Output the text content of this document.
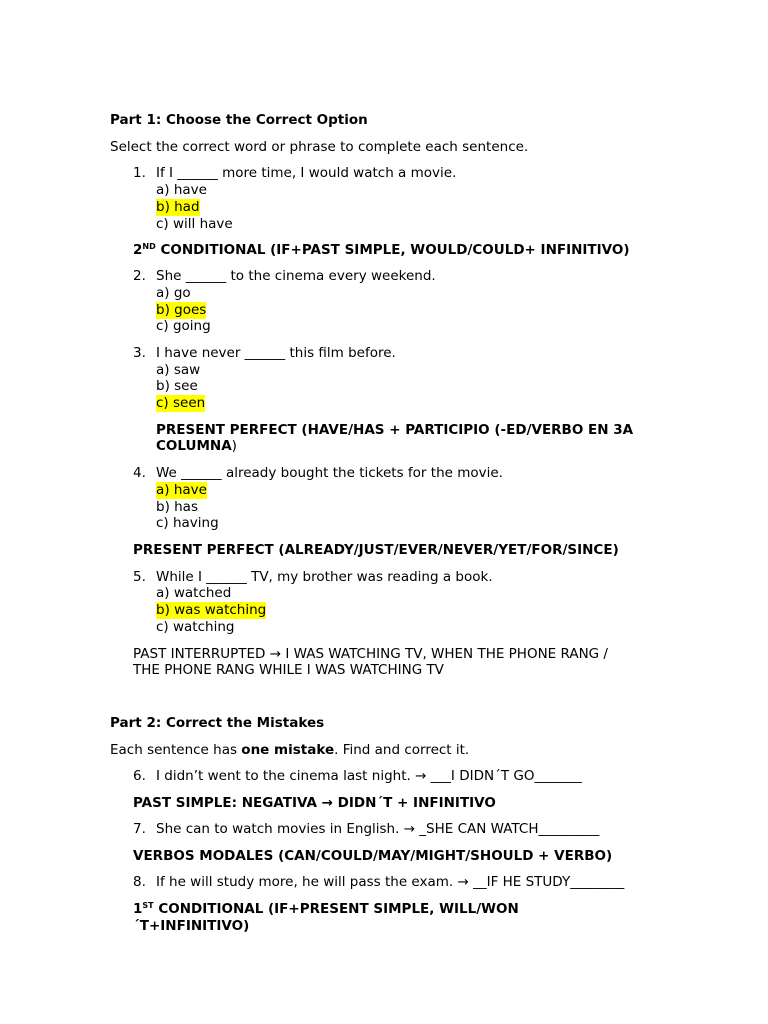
Part 1: Choose the Correct Option
Select the correct word or phrase to complete each sentence.
1. If I ______ more time, I would watch a movie.
a) have
b) had
c) will have
2ND CONDITIONAL (IF+PAST SIMPLE, WOULD/COULD+ INFINITIVO)
2. She ______ to the cinema every weekend.
a) go
b) goes
c) going
3. I have never ______ this film before.
a) saw
b) see
c) seen
PRESENT PERFECT (HAVE/HAS + PARTICIPIO (-ED/VERBO EN 3A
COLUMNA)
4. We ______ already bought the tickets for the movie.
a) have
b) has
c) having
PRESENT PERFECT (ALREADY/JUST/EVER/NEVER/YET/FOR/SINCE)
5. While I ______ TV, my brother was reading a book.
a) watched
b) was watching
c) watching
PAST INTERRUPTED → I WAS WATCHING TV, WHEN THE PHONE RANG /
THE PHONE RANG WHILE I WAS WATCHING TV
Part 2: Correct the Mistakes
Each sentence has one mistake. Find and correct it.
6. I didn’t went to the cinema last night. → ___I DIDN´T GO_______
PAST SIMPLE: NEGATIVA → DIDN´T + INFINITIVO
7. She can to watch movies in English. → _SHE CAN WATCH_________
VERBOS MODALES (CAN/COULD/MAY/MIGHT/SHOULD + VERBO)
8. If he will study more, he will pass the exam. → __IF HE STUDY________
1ST CONDITIONAL (IF+PRESENT SIMPLE, WILL/WON
´T+INFINITIVO)
